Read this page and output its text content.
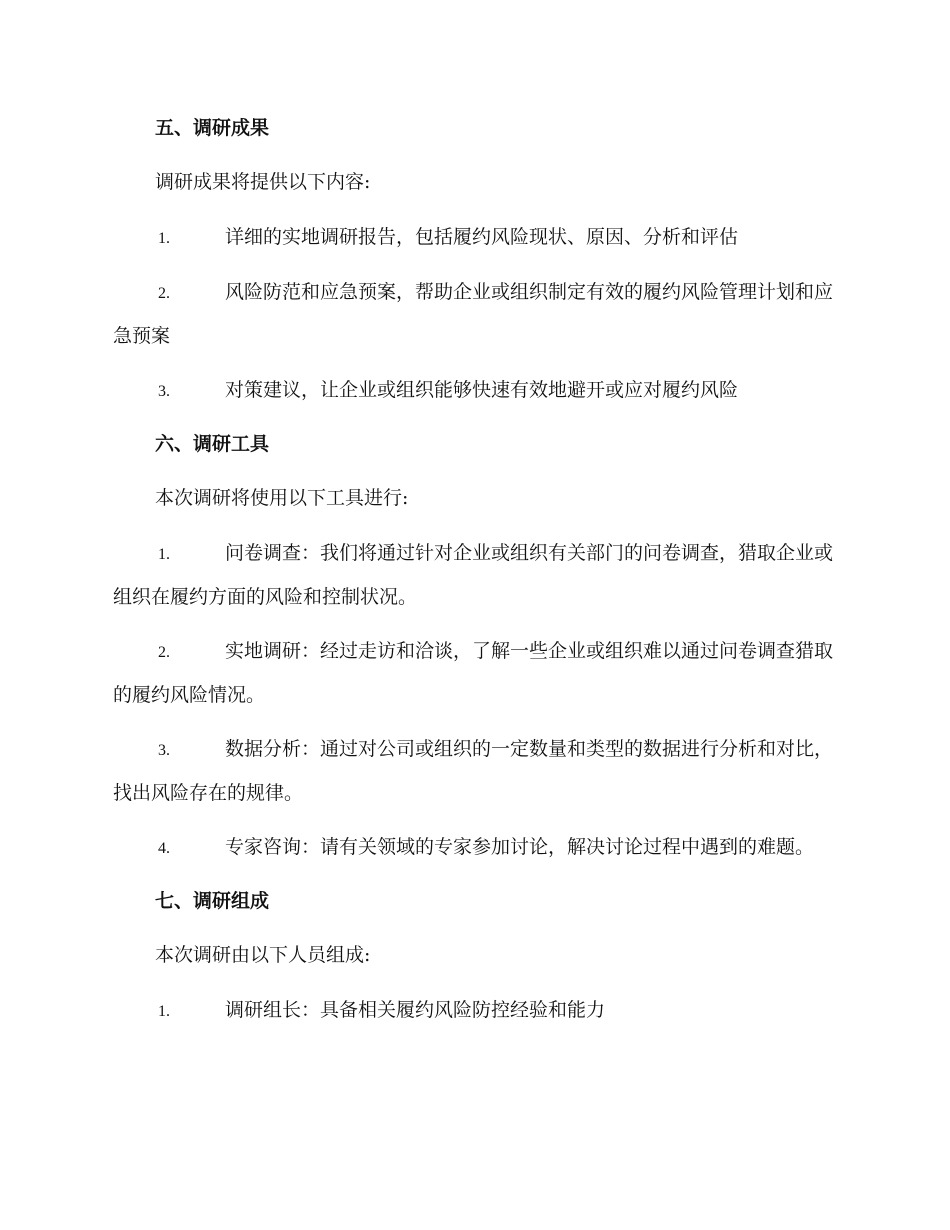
五、调研成果
调研成果将提供以下内容:
1.	详细的实地调研报告，包括履约风险现状、原因、分析和评估
2.	风险防范和应急预案，帮助企业或组织制定有效的履约风险管理计划和应急预案
3.	对策建议，让企业或组织能够快速有效地避开或应对履约风险
六、调研工具
本次调研将使用以下工具进行:
1.	问卷调查：我们将通过针对企业或组织有关部门的问卷调查，猎取企业或组织在履约方面的风险和控制状况。
2.	实地调研：经过走访和洽谈，了解一些企业或组织难以通过问卷调查猎取的履约风险情况。
3.	数据分析：通过对公司或组织的一定数量和类型的数据进行分析和对比，找出风险存在的规律。
4.	专家咨询：请有关领域的专家参加讨论，解决讨论过程中遇到的难题。
七、调研组成
本次调研由以下人员组成:
1.	调研组长：具备相关履约风险防控经验和能力
